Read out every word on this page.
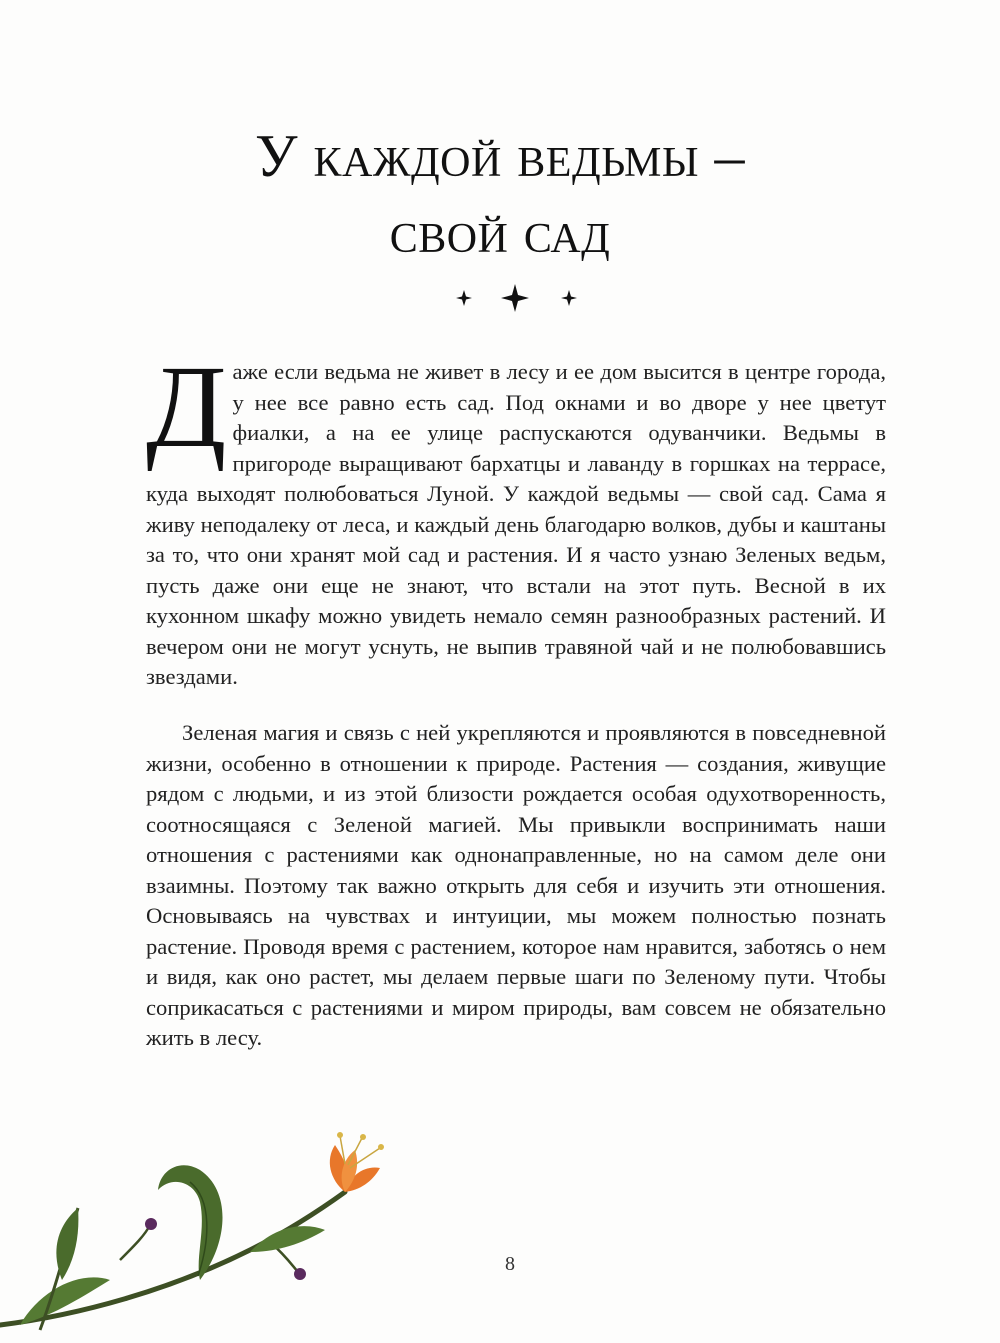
У каждой ведьмы –
свой сад
Даже если ведьма не живет в лесу и ее дом высится в центре города, у нее все равно есть сад. Под окнами и во дворе у нее цветут фиалки, а на ее улице распускаются одуванчики. Ведьмы в пригороде выращивают бархатцы и лаванду в горшках на террасе, куда выходят полюбоваться Луной. У каждой ведьмы — свой сад. Сама я живу неподалеку от леса, и каждый день благодарю волков, дубы и каштаны за то, что они хранят мой сад и растения. И я часто узнаю Зеленых ведьм, пусть даже они еще не знают, что встали на этот путь. Весной в их кухонном шкафу можно увидеть немало семян разнообразных растений. И вечером они не могут уснуть, не выпив травяной чай и не полюбовавшись звездами.
Зеленая магия и связь с ней укрепляются и проявляются в повседневной жизни, особенно в отношении к природе. Растения — создания, живущие рядом с людьми, и из этой близости рождается особая одухотворенность, соотносящаяся с Зеленой магией. Мы привыкли воспринимать наши отношения с растениями как однонаправленные, но на самом деле они взаимны. Поэтому так важно открыть для себя и изучить эти отношения. Основываясь на чувствах и интуиции, мы можем полностью познать растение. Проводя время с растением, которое нам нравится, заботясь о нем и видя, как оно растет, мы делаем первые шаги по Зеленому пути. Чтобы соприкасаться с растениями и миром природы, вам совсем не обязательно жить в лесу.
8
